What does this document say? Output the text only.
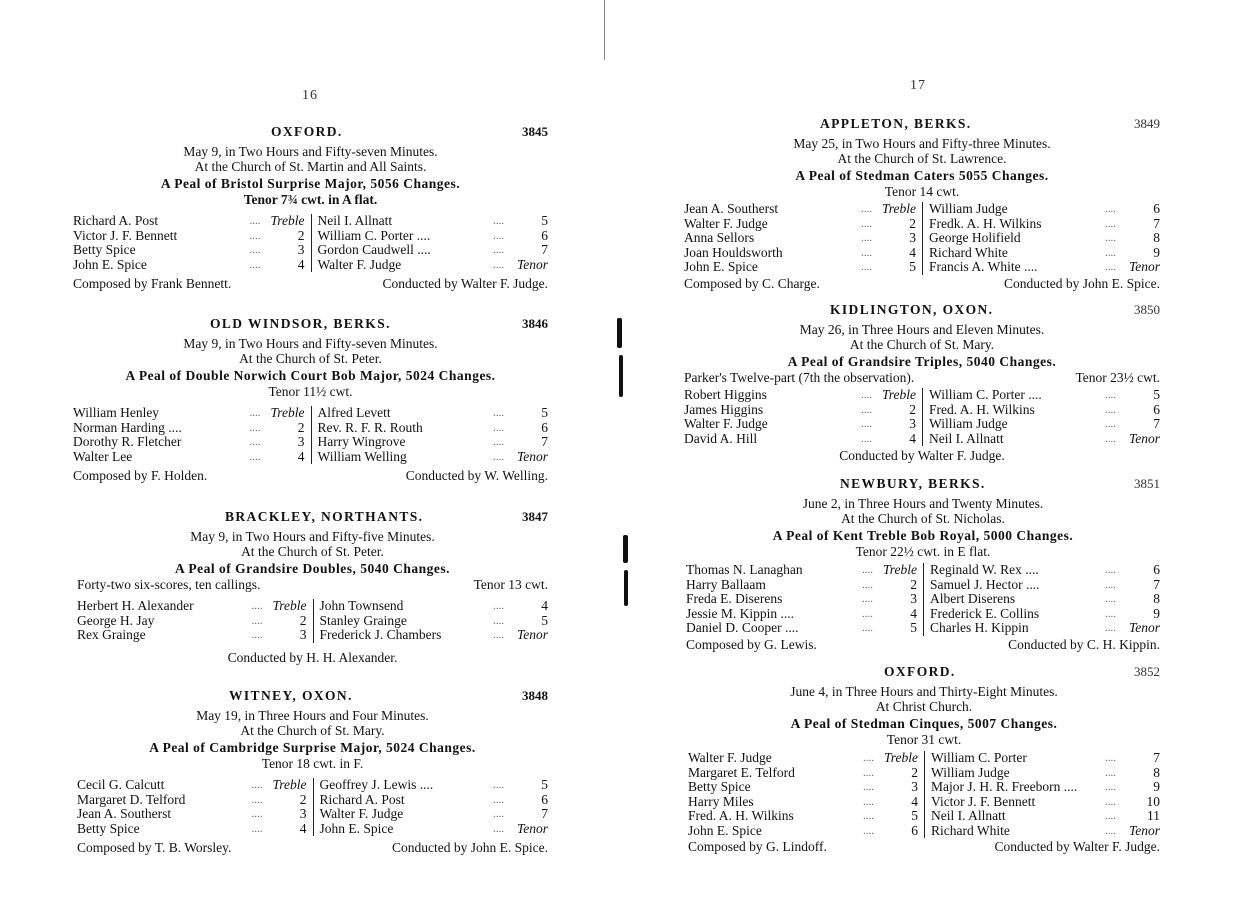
16
OXFORD.	3845
May 9, in Two Hours and Fifty-seven Minutes.
At the Church of St. Martin and All Saints.
A Peal of Bristol Surprise Major, 5056 Changes.
Tenor 7¾ cwt. in A flat.
Richard A. Post	.... Treble
Victor J. F. Bennett	....	2
Betty Spice	....	3
John E. Spice	....	4
Neil I. Allnatt	....	5
William C. Porter ....	....	6
Gordon Caudwell ....	....	7
Walter F. Judge	.... Tenor
Composed by Frank Bennett.	Conducted by Walter F. Judge.
OLD WINDSOR, BERKS.	3846
May 9, in Two Hours and Fifty-seven Minutes.
At the Church of St. Peter.
A Peal of Double Norwich Court Bob Major, 5024 Changes.
Tenor 11½ cwt.
William Henley	.... Treble
Norman Harding ....	....	2
Dorothy R. Fletcher	....	3
Walter Lee	....	4
Alfred Levett	....	5
Rev. R. F. R. Routh	....	6
Harry Wingrove	....	7
William Welling	.... Tenor
Composed by F. Holden.	Conducted by W. Welling.
BRACKLEY, NORTHANTS.	3847
May 9, in Two Hours and Fifty-five Minutes.
At the Church of St. Peter.
A Peal of Grandsire Doubles, 5040 Changes.
Forty-two six-scores, ten callings.	Tenor 13 cwt.
Herbert H. Alexander	.... Treble
George H. Jay	....	2
Rex Grainge	....	3
John Townsend	....	4
Stanley Grainge	....	5
Frederick J. Chambers	.... Tenor
Conducted by H. H. Alexander.
WITNEY, OXON.	3848
May 19, in Three Hours and Four Minutes.
At the Church of St. Mary.
A Peal of Cambridge Surprise Major, 5024 Changes.
Tenor 18 cwt. in F.
Cecil G. Calcutt	.... Treble
Margaret D. Telford	....	2
Jean A. Southerst	....	3
Betty Spice	....	4
Geoffrey J. Lewis ....	....	5
Richard A. Post	....	6
Walter F. Judge	....	7
John E. Spice	.... Tenor
Composed by T. B. Worsley.	Conducted by John E. Spice.
17
APPLETON, BERKS.	3849
May 25, in Two Hours and Fifty-three Minutes.
At the Church of St. Lawrence.
A Peal of Stedman Caters 5055 Changes.
Tenor 14 cwt.
Jean A. Southerst	.... Treble
Walter F. Judge	....	2
Anna Sellors	....	3
Joan Houldsworth	....	4
John E. Spice	....	5
William Judge	....	6
Fredk. A. H. Wilkins	....	7
George Holifield	....	8
Richard White	....	9
Francis A. White ....	.... Tenor
Composed by C. Charge.	Conducted by John E. Spice.
KIDLINGTON, OXON.	3850
May 26, in Three Hours and Eleven Minutes.
At the Church of St. Mary.
A Peal of Grandsire Triples, 5040 Changes.
Parker's Twelve-part (7th the observation).	Tenor 23½ cwt.
Robert Higgins	.... Treble
James Higgins	....	2
Walter F. Judge	....	3
David A. Hill	....	4
William C. Porter ....	....	5
Fred. A. H. Wilkins	....	6
William Judge	....	7
Neil I. Allnatt	.... Tenor
Conducted by Walter F. Judge.
NEWBURY, BERKS.	3851
June 2, in Three Hours and Twenty Minutes.
At the Church of St. Nicholas.
A Peal of Kent Treble Bob Royal, 5000 Changes.
Tenor 22½ cwt. in E flat.
Thomas N. Lanaghan	.... Treble
Harry Ballaam	....	2
Freda E. Diserens	....	3
Jessie M. Kippin ....	....	4
Daniel D. Cooper ....	....	5
Reginald W. Rex ....	....	6
Samuel J. Hector ....	....	7
Albert Diserens	....	8
Frederick E. Collins	....	9
Charles H. Kippin	.... Tenor
Composed by G. Lewis.	Conducted by C. H. Kippin.
OXFORD.	3852
June 4, in Three Hours and Thirty-Eight Minutes.
At Christ Church.
A Peal of Stedman Cinques, 5007 Changes.
Tenor 31 cwt.
Walter F. Judge	.... Treble
Margaret E. Telford	....	2
Betty Spice	....	3
Harry Miles	....	4
Fred. A. H. Wilkins	....	5
John E. Spice	....	6
William C. Porter	....	7
William Judge	....	8
Major J. H. R. Freeborn ....	....	9
Victor J. F. Bennett	....	10
Neil I. Allnatt	....	11
Richard White	.... Tenor
Composed by G. Lindoff.	Conducted by Walter F. Judge.
